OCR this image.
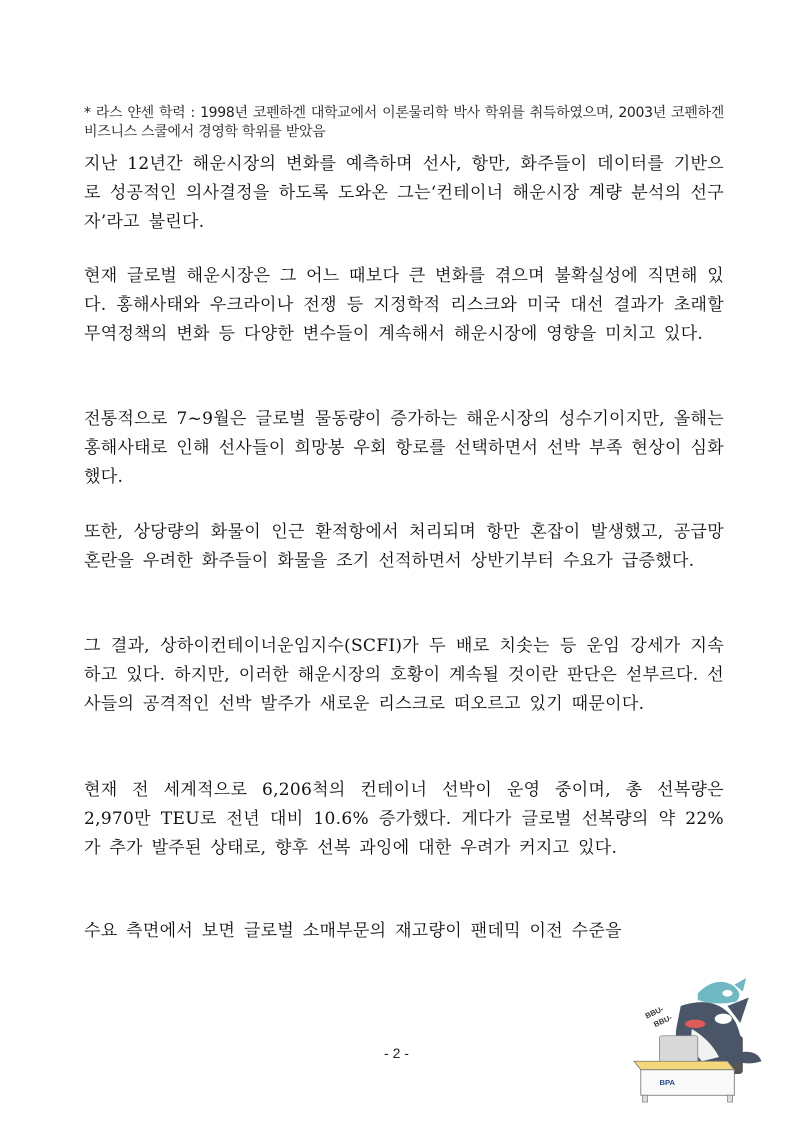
* 라스 얀센 학력 : 1998년 코펜하겐 대학교에서 이론물리학 박사 학위를 취득하였으며, 2003년 코펜하겐 비즈니스 스쿨에서 경영학 학위를 받았음

지난 12년간 해운시장의 변화를 예측하며 선사, 항만, 화주들이 데이터를 기반으로 성공적인 의사결정을 하도록 도와온 그는‘컨테이너 해운시장 계량 분석의 선구자’라고 불린다.

현재 글로벌 해운시장은 그 어느 때보다 큰 변화를 겪으며 불확실성에 직면해 있다. 홍해사태와 우크라이나 전쟁 등 지정학적 리스크와 미국 대선 결과가 초래할 무역정책의 변화 등 다양한 변수들이 계속해서 해운시장에 영향을 미치고 있다.

전통적으로 7~9월은 글로벌 물동량이 증가하는 해운시장의 성수기이지만, 올해는 홍해사태로 인해 선사들이 희망봉 우회 항로를 선택하면서 선박 부족 현상이 심화했다.

또한, 상당량의 화물이 인근 환적항에서 처리되며 항만 혼잡이 발생했고, 공급망 혼란을 우려한 화주들이 화물을 조기 선적하면서 상반기부터 수요가 급증했다.

그 결과, 상하이컨테이너운임지수(SCFI)가 두 배로 치솟는 등 운임 강세가 지속하고 있다. 하지만, 이러한 해운시장의 호황이 계속될 것이란 판단은 섣부르다. 선사들의 공격적인 선박 발주가 새로운 리스크로 떠오르고 있기 때문이다.

현재 전 세계적으로 6,206척의 컨테이너 선박이 운영 중이며, 총 선복량은 2,970만 TEU로 전년 대비 10.6% 증가했다. 게다가 글로벌 선복량의 약 22%가 추가 발주된 상태로, 향후 선복 과잉에 대한 우려가 커지고 있다.

수요 측면에서 보면 글로벌 소매부문의 재고량이 팬데믹 이전 수준을

- 2 -
BPA
BBU-
BBU-
